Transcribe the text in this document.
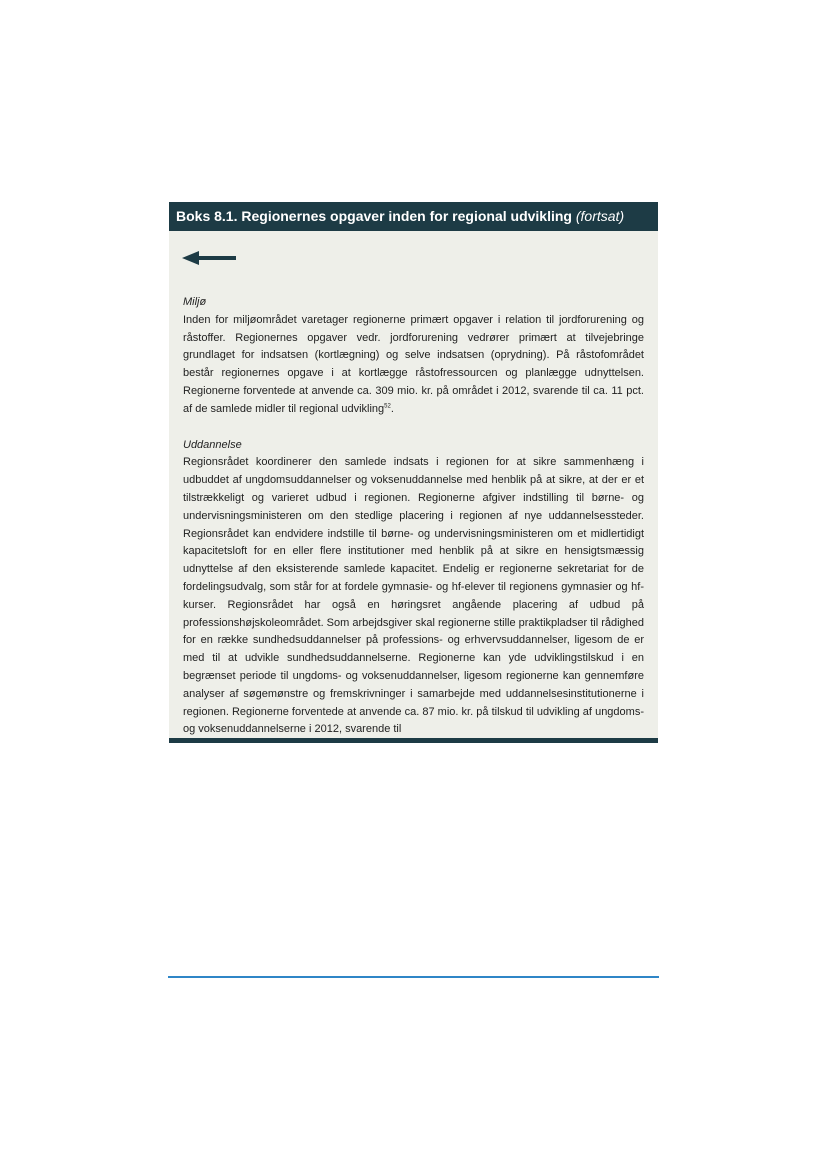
Boks 8.1. Regionernes opgaver inden for regional udvikling (fortsat)

Miljø

Inden for miljøområdet varetager regionerne primært opgaver i relation til jordforurening og råstoffer. Regionernes opgaver vedr. jordforurening vedrører primært at tilvejebringe grundlaget for indsatsen (kortlægning) og selve indsatsen (oprydning). På råstofområdet består regionernes opgave i at kortlægge råstofressourcen og planlægge udnyttelsen. Regionerne forventede at anvende ca. 309 mio. kr. på området i 2012, svarende til ca. 11 pct. af de samlede midler til regional udvikling$^{52}$.

Uddannelse

Regionsrådet koordinerer den samlede indsats i regionen for at sikre sammenhæng i udbuddet af ungdomsuddannelser og voksenuddannelse med henblik på at sikre, at der er et tilstrækkeligt og varieret udbud i regionen. Regionerne afgiver indstilling til børne- og undervisningsministeren om den stedlige placering i regionen af nye uddannelsessteder. Regionsrådet kan endvidere indstille til børne- og undervisningsministeren om et midlertidigt kapacitetsloft for en eller flere institutioner med henblik på at sikre en hensigtsmæssig udnyttelse af den eksisterende samlede kapacitet. Endelig er regionerne sekretariat for de fordelingsudvalg, som står for at fordele gymnasie- og hf-elever til regionens gymnasier og hf-kurser. Regionsrådet har også en høringsret angående placering af udbud på professionshøjskoleområdet. Som arbejdsgiver skal regionerne stille praktikpladser til rådighed for en række sundhedsuddannelser på professions- og erhvervsuddannelser, ligesom de er med til at udvikle sundhedsuddannelserne. Regionerne kan yde udviklingstilskud i en begrænset periode til ungdoms- og voksenuddannelser, ligesom regionerne kan gennemføre analyser af søgemønstre og fremskrivninger i samarbejde med uddannelsesinstitutionerne i regionen. Regionerne forventede at anvende ca. 87 mio. kr. på tilskud til udvikling af ungdoms- og voksenuddannelserne i 2012, svarende til
